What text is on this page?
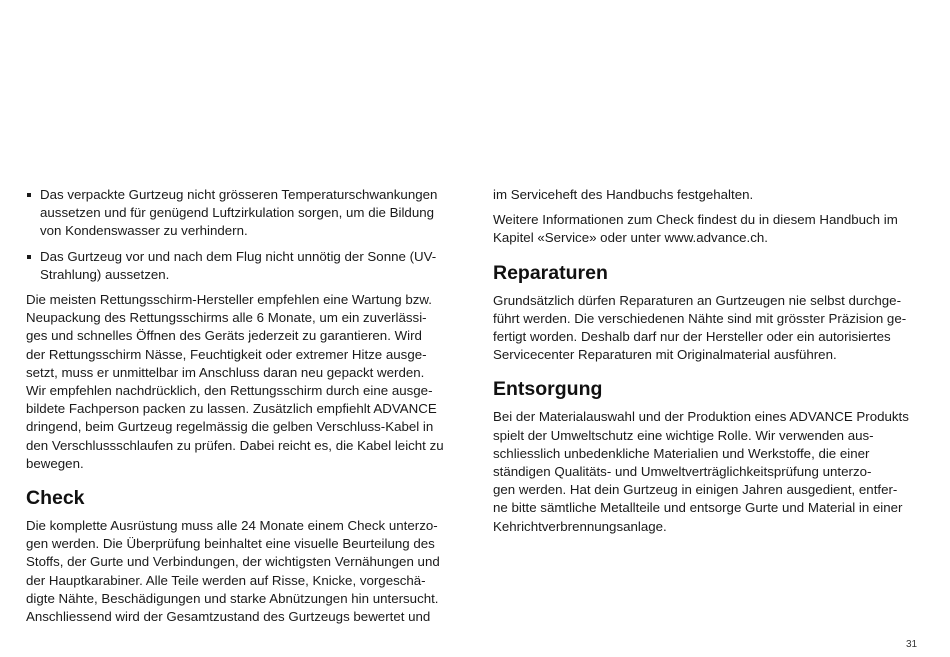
Das verpackte Gurtzeug nicht grösseren Temperaturschwankungen
aussetzen und für genügend Luftzirkulation sorgen, um die Bildung
von Kondenswasser zu verhindern.
Das Gurtzeug vor und nach dem Flug nicht unnötig der Sonne (UV-
Strahlung) aussetzen.

Die meisten Rettungsschirm-Hersteller empfehlen eine Wartung bzw.
Neupackung des Rettungsschirms alle 6 Monate, um ein zuverlässi-
ges und schnelles Öffnen des Geräts jederzeit zu garantieren. Wird
der Rettungsschirm Nässe, Feuchtigkeit oder extremer Hitze ausge-
setzt, muss er unmittelbar im Anschluss daran neu gepackt werden.
Wir empfehlen nachdrücklich, den Rettungsschirm durch eine ausge-
bildete Fachperson packen zu lassen. Zusätzlich empfiehlt ADVANCE
dringend, beim Gurtzeug regelmässig die gelben Verschluss-Kabel in
den Verschlussschlaufen zu prüfen. Dabei reicht es, die Kabel leicht zu
bewegen.

Check

Die komplette Ausrüstung muss alle 24 Monate einem Check unterzo-
gen werden. Die Überprüfung beinhaltet eine visuelle Beurteilung des
Stoffs, der Gurte und Verbindungen, der wichtigsten Vernähungen und
der Hauptkarabiner. Alle Teile werden auf Risse, Knicke, vorgeschä-
digte Nähte, Beschädigungen und starke Abnützungen hin untersucht.
Anschliessend wird der Gesamtzustand des Gurtzeugs bewertet und

im Serviceheft des Handbuchs festgehalten.

Weitere Informationen zum Check findest du in diesem Handbuch im
Kapitel «Service» oder unter www.advance.ch.

Reparaturen

Grundsätzlich dürfen Reparaturen an Gurtzeugen nie selbst durchge-
führt werden. Die verschiedenen Nähte sind mit grösster Präzision ge-
fertigt worden. Deshalb darf nur der Hersteller oder ein autorisiertes
Servicecenter Reparaturen mit Originalmaterial ausführen.

Entsorgung

Bei der Materialauswahl und der Produktion eines ADVANCE Produkts
spielt der Umweltschutz eine wichtige Rolle. Wir verwenden aus-
schliesslich unbedenkliche Materialien und Werkstoffe, die einer
ständigen Qualitäts- und Umweltverträglichkeitsprüfung unterzo-
gen werden. Hat dein Gurtzeug in einigen Jahren ausgedient, entfer-
ne bitte sämtliche Metallteile und entsorge Gurte und Material in einer
Kehrichtverbrennungsanlage.

31
